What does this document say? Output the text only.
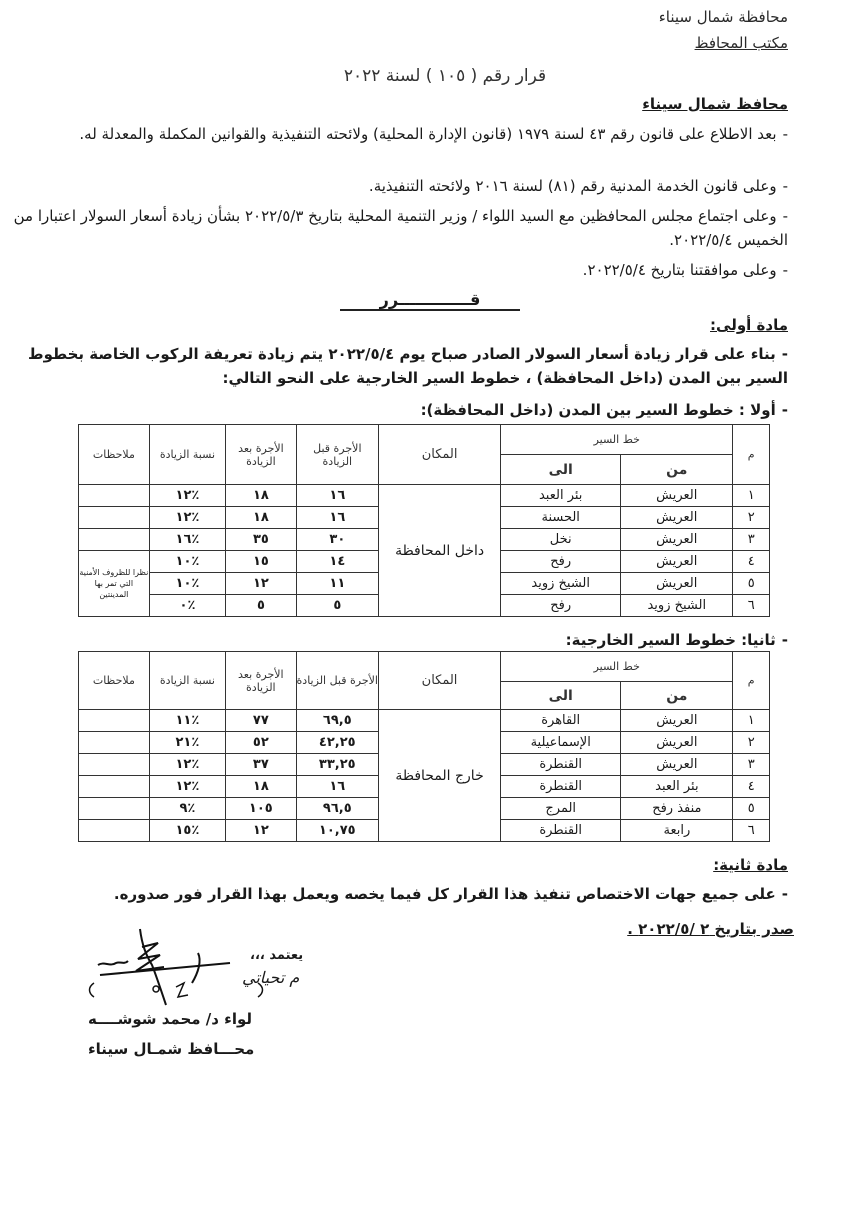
محافظة شمال سيناء
مكتب المحافظ
قرار رقم ( ١٠٥ ) لسنة ٢٠٢٢
محافظ شمال سيناء
-بعد الاطلاع على قانون رقم ٤٣ لسنة ١٩٧٩ (قانون الإدارة المحلية) ولائحته التنفيذية والقوانين المكملة والمعدلة له.
-وعلى قانون الخدمة المدنية رقم (٨١) لسنة ٢٠١٦ ولائحته التنفيذية.
-وعلى اجتماع مجلس المحافظين مع السيد اللواء / وزير التنمية المحلية بتاريخ ٢٠٢٢/٥/٣ بشأن زيادة أسعار السولار اعتبارا من الخميس ٢٠٢٢/٥/٤.
-وعلى موافقتنا بتاريخ ٢٠٢٢/٥/٤.
قـــــــــــــرر
مادة أولى:
-بناء على قرار زيادة أسعار السولار الصادر صباح يوم ٢٠٢٢/٥/٤ يتم زيادة تعريفة الركوب الخاصة بخطوط السير بين المدن (داخل المحافظة) ، خطوط السير الخارجية على النحو التالي:
-أولا : خطوط السير بين المدن (داخل المحافظة):
م	خط السير		المكان	الأجرة قبل الزيادة	الأجرة بعد الزيادة	نسبة الزيادة	ملاحظات
	من	الى					
١	العريش	بئر العبد	داخل المحافظة	١٦	١٨	٪١٢	
٢	العريش	الحسنة		١٦	١٨	٪١٢	
٣	العريش	نخل		٣٠	٣٥	٪١٦	
٤	العريش	رفح		١٤	١٥	٪١٠	نظرا للظروف الأمنية التي تمر بها المدينتين
٥	العريش	الشيخ زويد		١١	١٢	٪١٠	
٦	الشيخ زويد	رفح		٥	٥	٪٠	
-ثانيا: خطوط السير الخارجية:
م	خط السير		المكان	الأجرة قبل الزيادة	الأجرة بعد الزيادة	نسبة الزيادة	ملاحظات
	من	الى					
١	العريش	القاهرة	خارج المحافظة	٦٩,٥	٧٧	٪١١	
٢	العريش	الإسماعيلية		٤٢,٢٥	٥٢	٪٢١	
٣	العريش	القنطرة		٣٣,٢٥	٣٧	٪١٢	
٤	بئر العبد	القنطرة		١٦	١٨	٪١٢	
٥	منفذ رفح	المرج		٩٦,٥	١٠٥	٪٩	
٦	رابعة	القنطرة		١٠,٧٥	١٢	٪١٥	
مادة ثانية:
-على جميع جهات الاختصاص تنفيذ هذا القرار كل فيما يخصه ويعمل بهذا القرار فور صدوره.
صدر بتاريخ ٢ /٢٠٢٢/٥ .
يعتمد ،،،
م تحياتي
لواء د/ محمد شوشــــه
محـــافظ شمـال سيناء
